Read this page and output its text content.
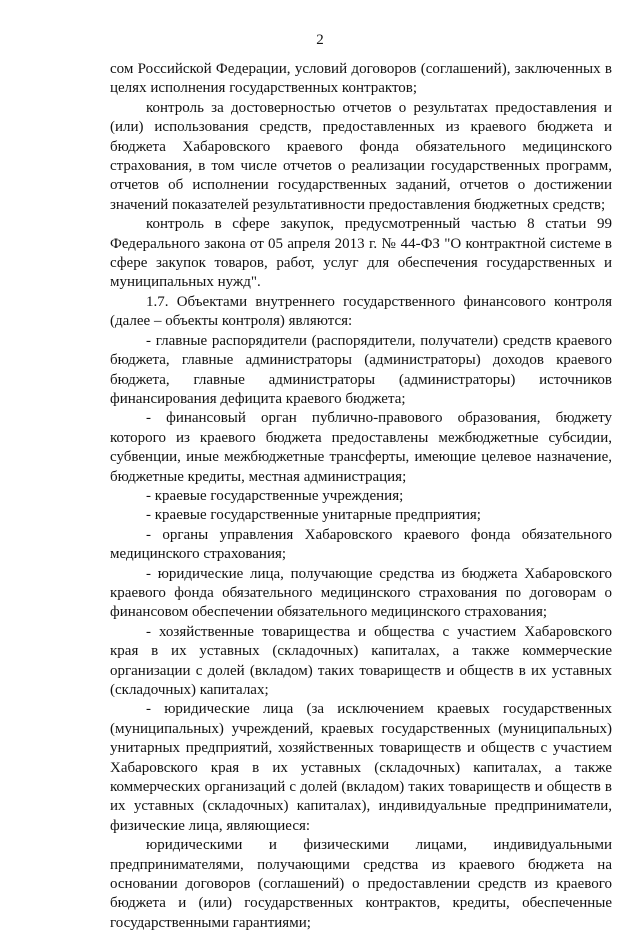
2

сом Российской Федерации, условий договоров (соглашений), заключенных в целях исполнения государственных контрактов;

контроль за достоверностью отчетов о результатах предоставления и (или) использования средств, предоставленных из краевого бюджета и бюджета Хабаровского краевого фонда обязательного медицинского страхования, в том числе отчетов о реализации государственных программ, отчетов об исполнении государственных заданий, отчетов о достижении значений показателей результативности предоставления бюджетных средств;

контроль в сфере закупок, предусмотренный частью 8 статьи 99 Федерального закона от 05 апреля 2013 г. № 44-ФЗ "О контрактной системе в сфере закупок товаров, работ, услуг для обеспечения государственных и муниципальных нужд".

1.7. Объектами внутреннего государственного финансового контроля (далее – объекты контроля) являются:

- главные распорядители (распорядители, получатели) средств краевого бюджета, главные администраторы (администраторы) доходов краевого бюджета, главные администраторы (администраторы) источников финансирования дефицита краевого бюджета;

- финансовый орган публично-правового образования, бюджету которого из краевого бюджета предоставлены межбюджетные субсидии, субвенции, иные межбюджетные трансферты, имеющие целевое назначение, бюджетные кредиты, местная администрация;

- краевые государственные учреждения;

- краевые государственные унитарные предприятия;

- органы управления Хабаровского краевого фонда обязательного медицинского страхования;

- юридические лица, получающие средства из бюджета Хабаровского краевого фонда обязательного медицинского страхования по договорам о финансовом обеспечении обязательного медицинского страхования;

- хозяйственные товарищества и общества с участием Хабаровского края в их уставных (складочных) капиталах, а также коммерческие организации с долей (вкладом) таких товариществ и обществ в их уставных (складочных) капиталах;

- юридические лица (за исключением краевых государственных (муниципальных) учреждений, краевых государственных (муниципальных) унитарных предприятий, хозяйственных товариществ и обществ с участием Хабаровского края в их уставных (складочных) капиталах, а также коммерческих организаций с долей (вкладом) таких товариществ и обществ в их уставных (складочных) капиталах), индивидуальные предприниматели, физические лица, являющиеся:

юридическими и физическими лицами, индивидуальными предпринимателями, получающими средства из краевого бюджета на основании договоров (соглашений) о предоставлении средств из краевого бюджета и (или) государственных контрактов, кредиты, обеспеченные государственными гарантиями;
